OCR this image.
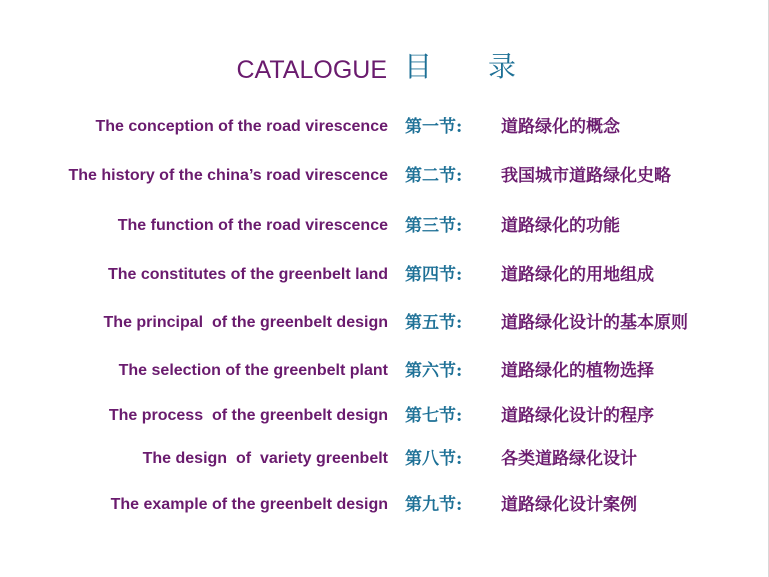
CATALOGUE 目 录
The conception of the road virescence 第一节: 道路绿化的概念
The history of the china’s road virescence 第二节: 我国城市道路绿化史略
The function of the road virescence 第三节: 道路绿化的功能
The constitutes of the greenbelt land 第四节: 道路绿化的用地组成
The principal  of the greenbelt design 第五节: 道路绿化设计的基本原则
The selection of the greenbelt plant 第六节: 道路绿化的植物选择
The process  of the greenbelt design 第七节: 道路绿化设计的程序
The design  of  variety greenbelt 第八节: 各类道路绿化设计
The example of the greenbelt design 第九节: 道路绿化设计案例
